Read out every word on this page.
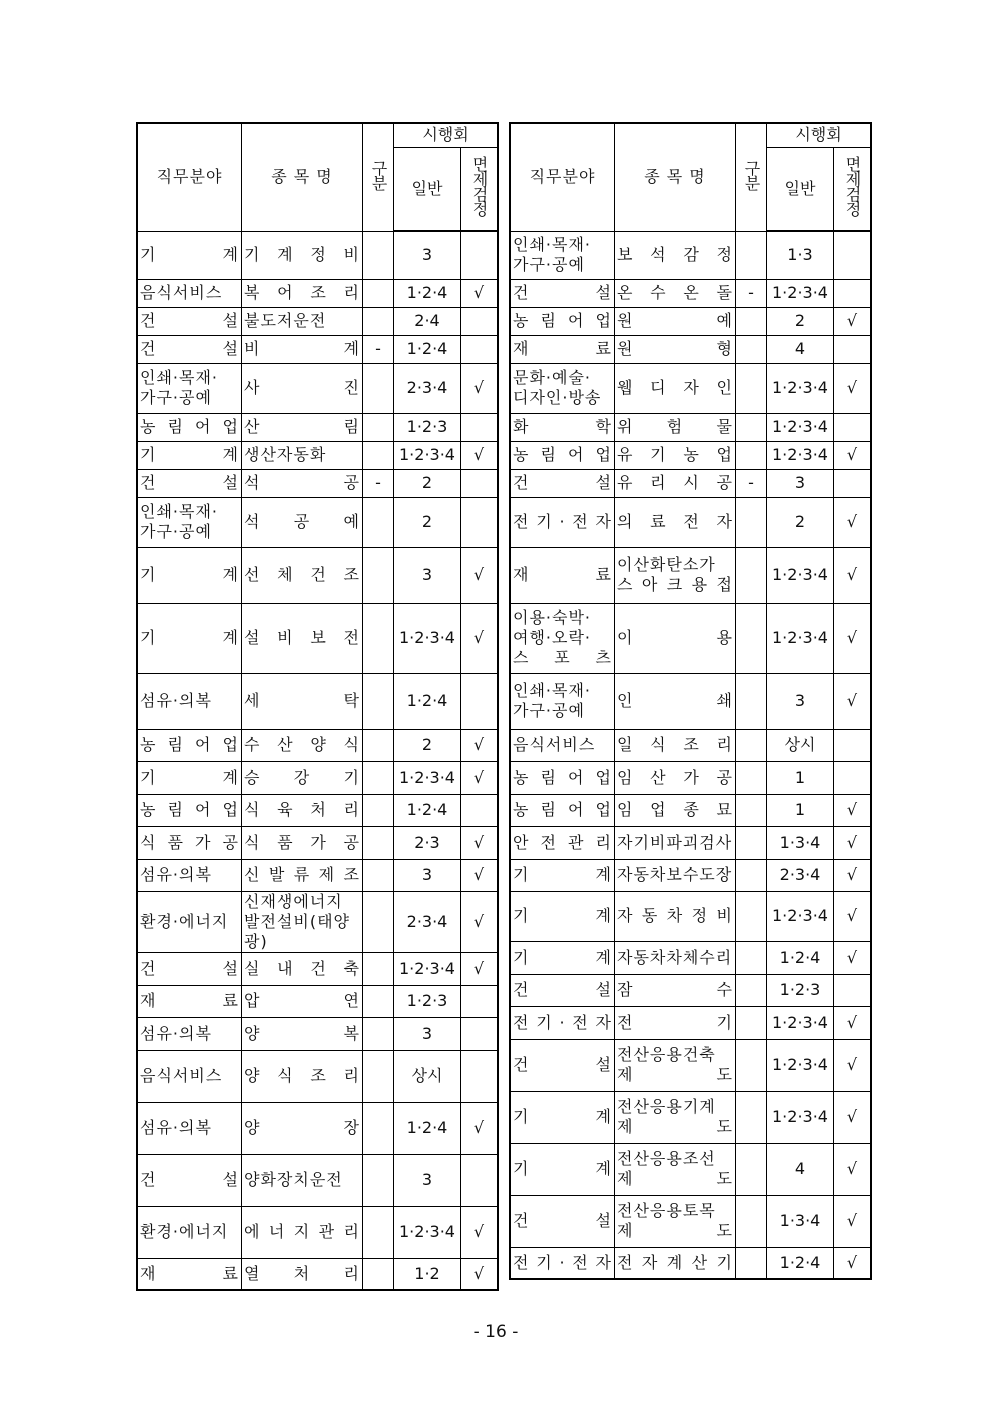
직무분야	종 목 명	구분	시행회	
			일반	면제검정

기 계	기 계 정 비		3	

음식서비스	복 어 조 리		1·2·4	√

건 설	불도저운전		2·4	

건 설	비 계	-	1·2·4	

인쇄·목재·
가구·공예	사 진		2·3·4	√

농 림 어 업	산 림		1·2·3	

기 계	생산자동화		1·2·3·4	√

건 설	석 공	-	2	

인쇄·목재·
가구·공예	석 공 예		2	

기 계	선 체 건 조		3	√

기 계	설 비 보 전		1·2·3·4	√

섬유·의복	세 탁		1·2·4	

농 림 어 업	수 산 양 식		2	√

기 계	승 강 기		1·2·3·4	√

농 림 어 업	식 육 처 리		1·2·4	

식 품 가 공	식 품 가 공		2·3	√

섬유·의복	신 발 류 제 조		3	√

환경·에너지	신재생에너지
발전설비(태양광)		2·3·4	√

건 설	실 내 건 축		1·2·3·4	√

재 료	압 연		1·2·3	

섬유·의복	양 복		3	

음식서비스	양 식 조 리		상시	

섬유·의복	양 장		1·2·4	√

건 설	양화장치운전		3	

환경·에너지	에 너 지 관 리		1·2·3·4	√

재 료	열 처 리		1·2	√
직무분야	종 목 명	구분	시행회	
			일반	면제검정

인쇄·목재·
가구·공예	보 석 감 정		1·3	

건 설	온 수 온 돌	-	1·2·3·4	

농 림 어 업	원 예		2	√

재 료	원 형		4	

문화·예술·
디자인·방송	웹 디 자 인		1·2·3·4	√

화 학	위 험 물		1·2·3·4	

농 림 어 업	유 기 농 업		1·2·3·4	√

건 설	유 리 시 공	-	3	

전 기 · 전 자	의 료 전 자		2	√

재 료	이산화탄소가
스 아 크 용 접		1·2·3·4	√

이용·숙박·
여행·오락·
스 포 츠	이 용		1·2·3·4	√

인쇄·목재·
가구·공예	인 쇄		3	√

음식서비스	일 식 조 리		상시	

농 림 어 업	임 산 가 공		1	

농 림 어 업	임 업 종 묘		1	√

안 전 관 리	자기비파괴검사		1·3·4	√

기 계	자동차보수도장		2·3·4	√

기 계	자 동 차 정 비		1·2·3·4	√

기 계	자동차차체수리		1·2·4	√

건 설	잠 수		1·2·3	

전 기 · 전 자	전 기		1·2·3·4	√

건 설	전산응용건축
제 도		1·2·3·4	√

기 계	전산응용기계
제 도		1·2·3·4	√

기 계	전산응용조선
제 도		4	√

건 설	전산응용토목
제 도		1·3·4	√

전 기 · 전 자	전 자 계 산 기		1·2·4	√
- 16 -
